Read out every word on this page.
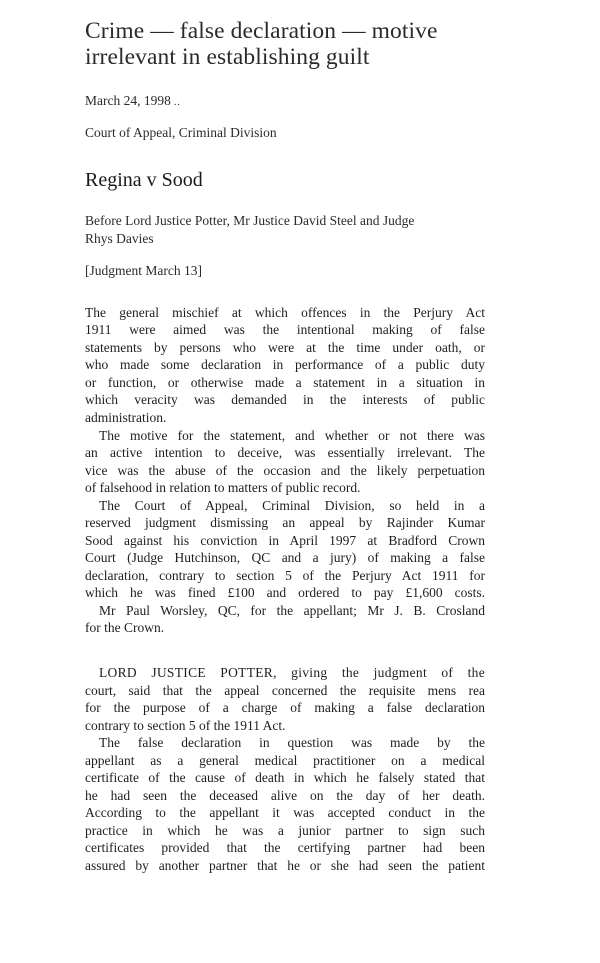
Crime — false declaration — motive
irrelevant in establishing guilt
March 24, 1998 ..
Court of Appeal, Criminal Division
Regina v Sood
Before Lord Justice Potter, Mr Justice David Steel and Judge
Rhys Davies
[Judgment March 13]
The general mischief at which offences in the Perjury Act
1911 were aimed was the intentional making of false
statements by persons who were at the time under oath, or
who made some declaration in performance of a public duty
or function, or otherwise made a statement in a situation in
which veracity was demanded in the interests of public
administration.
The motive for the statement, and whether or not there was
an active intention to deceive, was essentially irrelevant. The
vice was the abuse of the occasion and the likely perpetuation
of falsehood in relation to matters of public record.
The Court of Appeal, Criminal Division, so held in a
reserved judgment dismissing an appeal by Rajinder Kumar
Sood against his conviction in April 1997 at Bradford Crown
Court (Judge Hutchinson, QC and a jury) of making a false
declaration, contrary to section 5 of the Perjury Act 1911 for
which he was fined £100 and ordered to pay £1,600 costs.
Mr Paul Worsley, QC, for the appellant; Mr J. B. Crosland
for the Crown.
LORD JUSTICE POTTER, giving the judgment of the
court, said that the appeal concerned the requisite mens rea
for the purpose of a charge of making a false declaration
contrary to section 5 of the 1911 Act.
The false declaration in question was made by the
appellant as a general medical practitioner on a medical
certificate of the cause of death in which he falsely stated that
he had seen the deceased alive on the day of her death.
According to the appellant it was accepted conduct in the
practice in which he was a junior partner to sign such
certificates provided that the certifying partner had been
assured by another partner that he or she had seen the patient
